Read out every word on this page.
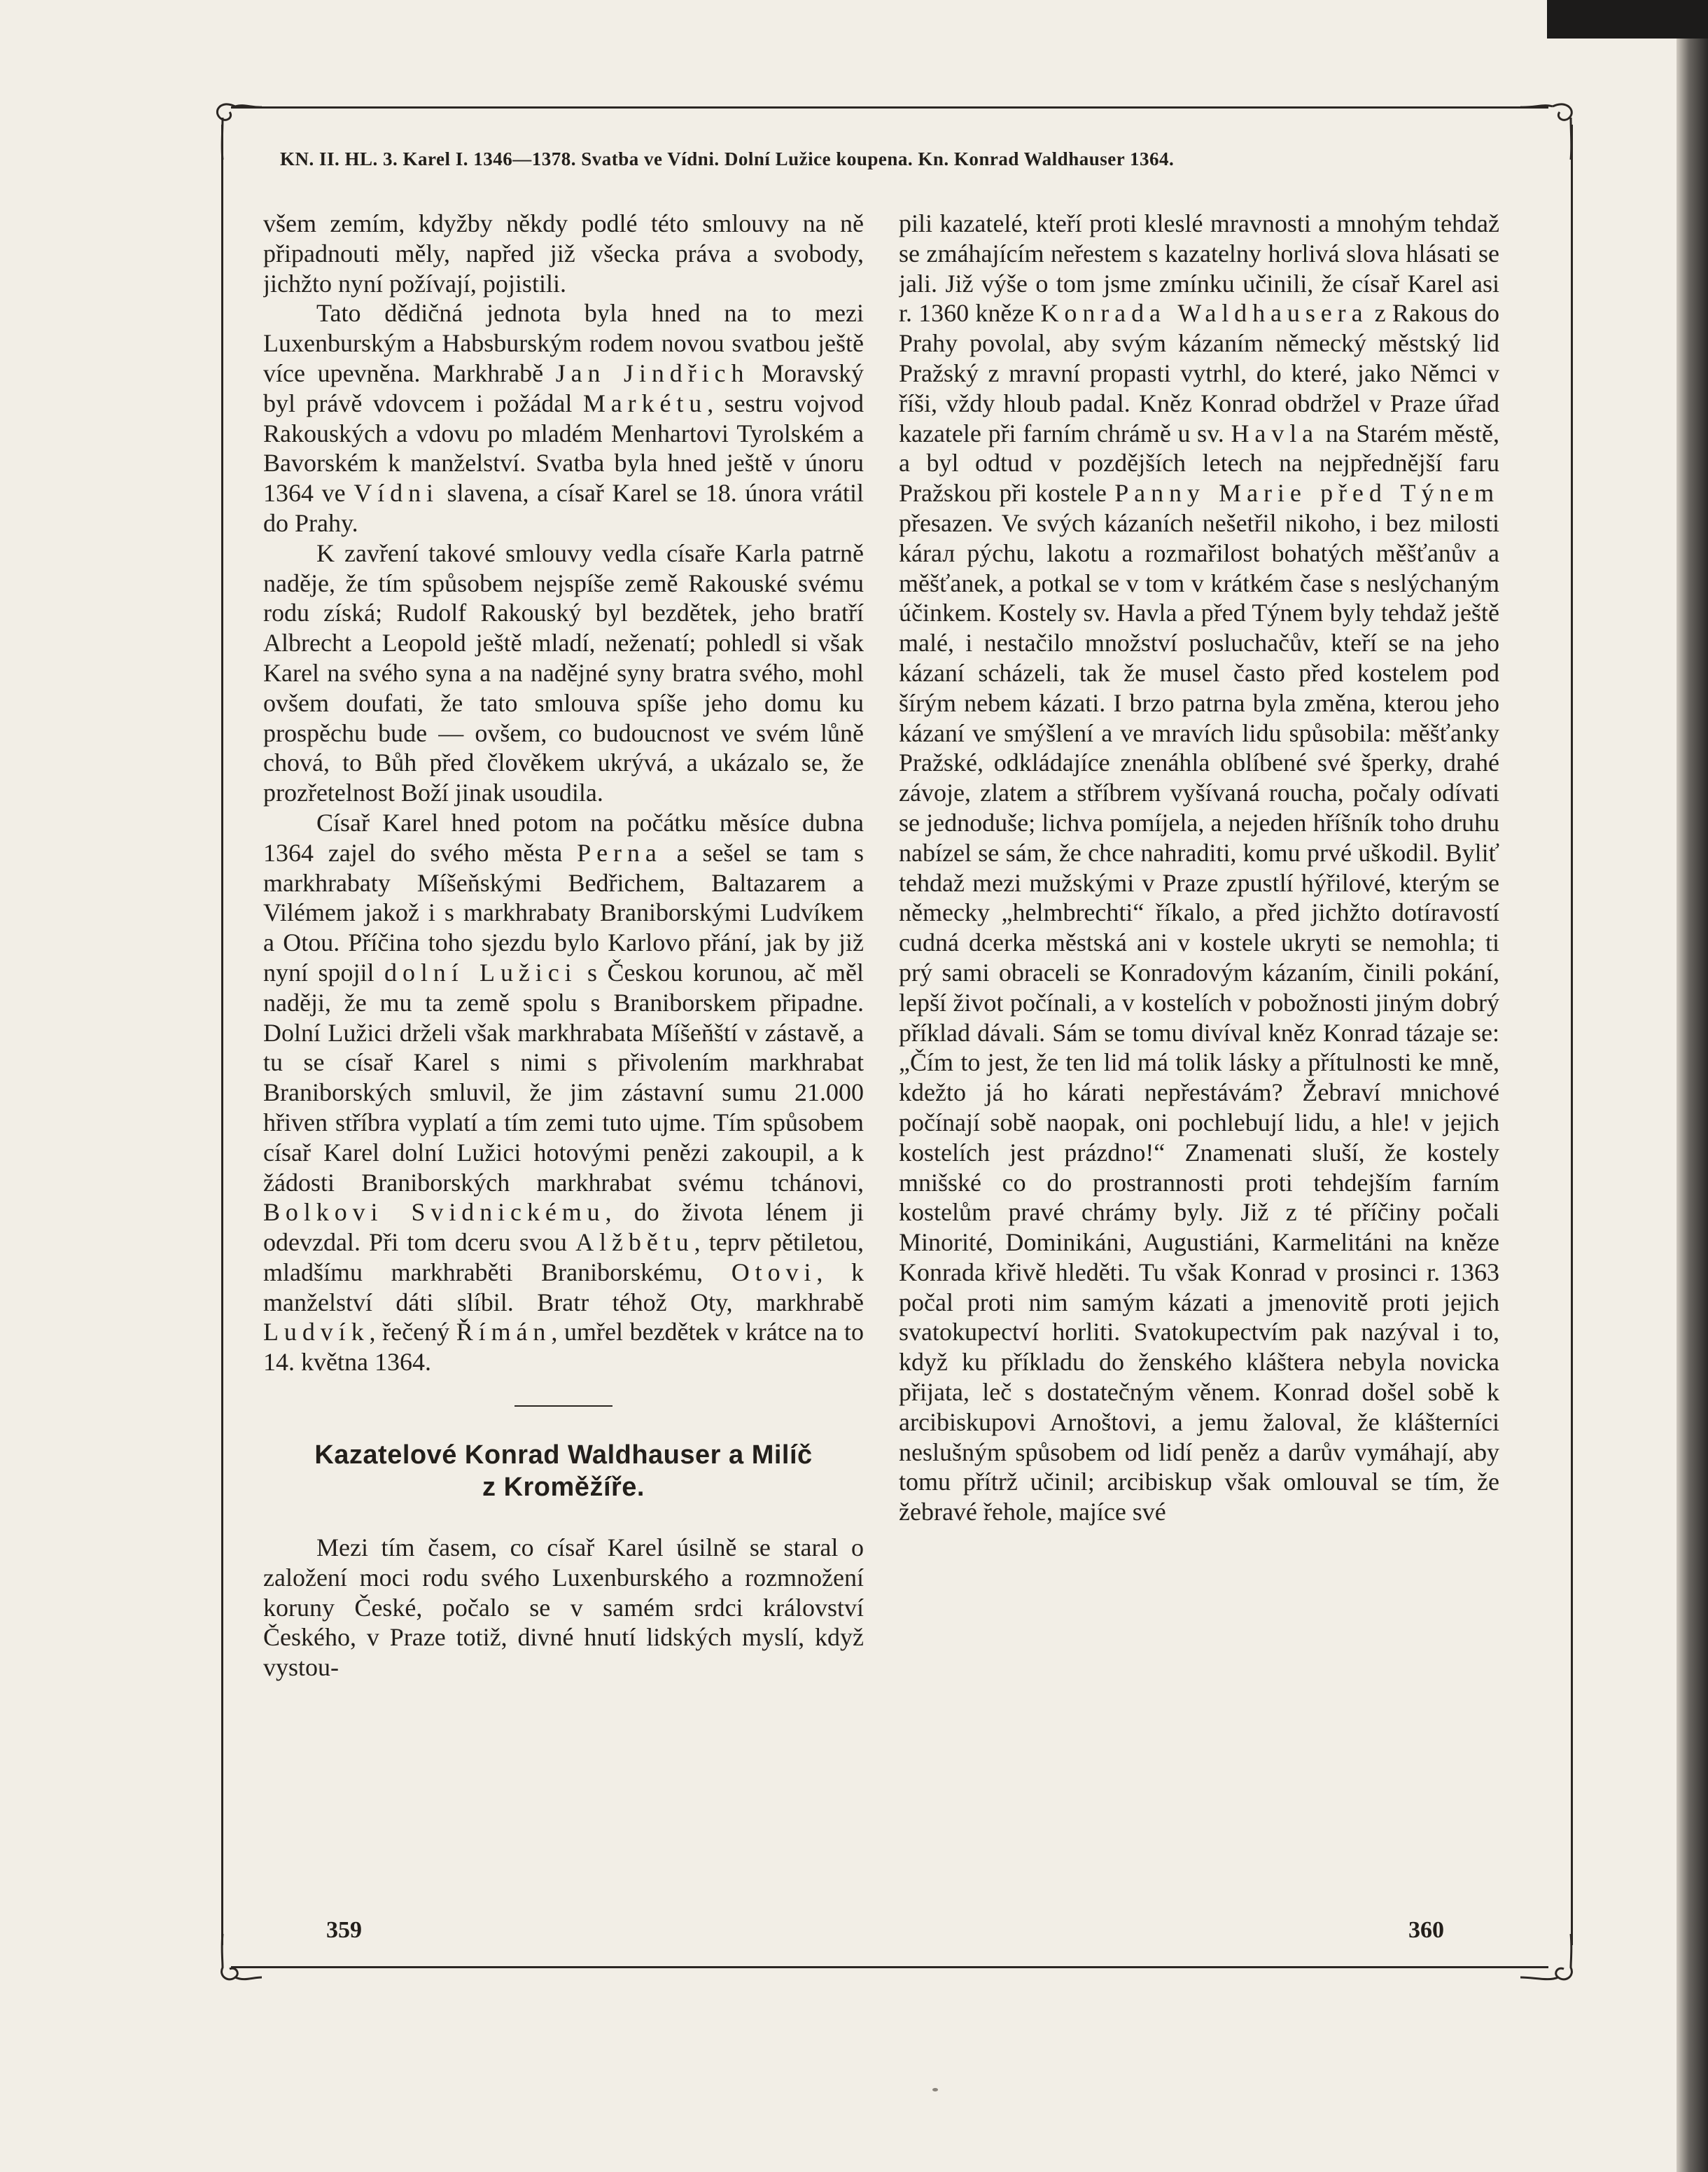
KN. II. HL. 3. Karel I. 1346—1378. Svatba ve Vídni. Dolní Lužice koupena. Kn. Konrad Waldhauser 1364.

všem zemím, kdyžby někdy podlé této smlouvy na ně připadnouti měly, napřed již všecka práva a svobody, jichžto nyní požívají, pojistili.

Tato dědičná jednota byla hned na to mezi Luxenburským a Habsburským rodem novou svatbou ještě více upevněna. Markhrabě Jan Jindřich Moravský byl právě vdovcem i požádal Markétu, sestru vojvod Rakouských a vdovu po mladém Menhartovi Tyrolském a Bavorském k manželství. Svatba byla hned ještě v únoru 1364 ve Vídni slavena, a císař Karel se 18. února vrátil do Prahy.

K zavření takové smlouvy vedla císaře Karla patrně naděje, že tím spůsobem nejspíše země Rakouské svému rodu získá; Rudolf Rakouský byl bezdětek, jeho bratří Albrecht a Leopold ještě mladí, neženatí; pohledl si však Karel na svého syna a na nadějné syny bratra svého, mohl ovšem doufati, že tato smlouva spíše jeho domu ku prospěchu bude — ovšem, co budoucnost ve svém lůně chová, to Bůh před člověkem ukrývá, a ukázalo se, že prozřetelnost Boží jinak usoudila.

Císař Karel hned potom na počátku měsíce dubna 1364 zajel do svého města Perna a sešel se tam s markhrabaty Míšeňskými Bedřichem, Baltazarem a Vilémem jakož i s markhrabaty Braniborskými Ludvíkem a Otou. Příčina toho sjezdu bylo Karlovo přání, jak by již nyní spojil dolní Lužici s Českou korunou, ač měl naději, že mu ta země spolu s Braniborskem připadne. Dolní Lužici drželi však markhrabata Míšeňští v zástavě, a tu se císař Karel s nimi s přivolením markhrabat Braniborských smluvil, že jim zástavní sumu 21.000 hřiven stříbra vyplatí a tím zemi tuto ujme. Tím spůsobem císař Karel dolní Lužici hotovými penězi zakoupil, a k žádosti Braniborských markhrabat svému tchánovi, Bolkovi Svidnickému, do života lénem ji odevzdal. Při tom dceru svou Alžbětu, teprv pětiletou, mladšímu markhraběti Braniborskému, Otovi, k manželství dáti slíbil. Bratr téhož Oty, markhrabě Ludvík, řečený Římán, umřel bezdětek v krátce na to 14. května 1364.

Kazatelové Konrad Waldhauser a Milíč
z Kroměžíře.

Mezi tím časem, co císař Karel úsilně se staral o založení moci rodu svého Luxenburského a rozmnožení koruny České, počalo se v samém srdci království Českého, v Praze totiž, divné hnutí lidských myslí, když vystou-

pili kazatelé, kteří proti kleslé mravnosti a mnohým tehdaž se zmáhajícím neřestem s kazatelny horlivá slova hlásati se jali. Již výše o tom jsme zmínku učinili, že císař Karel asi r. 1360 kněze Konrada Waldhausera z Rakous do Prahy povolal, aby svým kázaním německý městský lid Pražský z mravní propasti vytrhl, do které, jako Němci v říši, vždy hloub padal. Kněz Konrad obdržel v Praze úřad kazatele při farním chrámě u sv. Havla na Starém městě, a byl odtud v pozdějších letech na nejpřednější faru Pražskou při kostele Panny Marie před Týnem přesazen. Ve svých kázaních nešetřil nikoho, i bez milosti kárал pýchu, lakotu a rozmařilost bohatých měšťanův a měšťanek, a potkal se v tom v krátkém čase s neslýchaným účinkem. Kostely sv. Havla a před Týnem byly tehdaž ještě malé, i nestačilo množství posluchačův, kteří se na jeho kázaní scházeli, tak že musel často před kostelem pod šírým nebem kázati. I brzo patrna byla změna, kterou jeho kázaní ve smýšlení a ve mravích lidu spůsobila: měšťanky Pražské, odkládajíce znenáhla oblíbené své šperky, drahé závoje, zlatem a stříbrem vyšívaná roucha, počaly odívati se jednoduše; lichva pomíjela, a nejeden hříšník toho druhu nabízel se sám, že chce nahraditi, komu prvé uškodil. Byliť tehdaž mezi mužskými v Praze zpustlí hýřilové, kterým se německy „helmbrechti“ říkalo, a před jichžto dotíravostí cudná dcerka městská ani v kostele ukryti se nemohla; ti prý sami obraceli se Konradovým kázaním, činili pokání, lepší život počínali, a v kostelích v pobožnosti jiným dobrý příklad dávali. Sám se tomu divíval kněz Konrad tázaje se: „Čím to jest, že ten lid má tolik lásky a přítulnosti ke mně, kdežto já ho kárati nepřestávám? Žebraví mnichové počínají sobě naopak, oni pochlebují lidu, a hle! v jejich kostelích jest prázdno!“ Znamenati sluší, že kostely mnišské co do prostrannosti proti tehdejším farním kostelům pravé chrámy byly. Již z té příčiny počali Minorité, Dominikáni, Augustiáni, Karmelitáni na kněze Konrada křivě hleděti. Tu však Konrad v prosinci r. 1363 počal proti nim samým kázati a jmenovitě proti jejich svatokupectví horliti. Svatokupectvím pak nazýval i to, když ku příkladu do ženského kláštera nebyla novicka přijata, leč s dostatečným věnem. Konrad došel sobě k arcibiskupovi Arnoštovi, a jemu žaloval, že klášterníci neslušným spůsobem od lidí peněz a darův vymáhají, aby tomu přítrž učinil; arcibiskup však omlouval se tím, že žebravé řehole, majíce své

359	360
